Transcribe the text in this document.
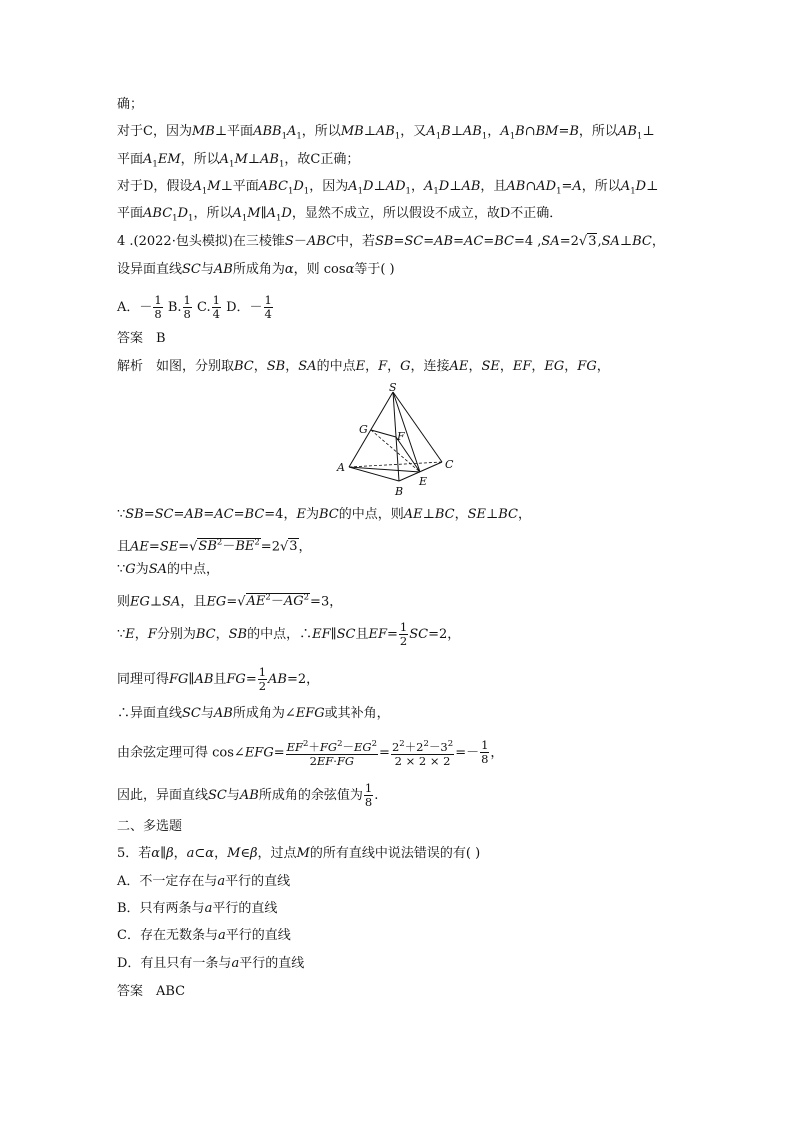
确；
对于C，因为MB⊥平面$ABB_1A_1$，所以$MB\perp AB_1$，又$A_1B\perp AB_1$，$A_1B\cap BM=B$，所以$AB_1\perp$
平面$A_1EM$，所以$A_1M\perp AB_1$，故C正确；
对于D，假设$A_1M\perp$平面$ABC_1D_1$，因为$A_1D\perp AD_1$，$A_1D\perp AB$，且$AB\cap AD_1=A$，所以$A_1D\perp$
平面$ABC_1D_1$，所以$A_1M\parallel A_1D$，显然不成立，所以假设不成立，故D不正确．
4 .(2022·包头模拟)在三棱锥S－ABC中，若SB=SC=AB=AC=BC=4 ,SA=2√3,SA⊥BC，
设异面直线SC与AB所成角为α，则 cosα等于( )
A．－ $\frac{1}{8} B$. $\frac{1}{8} C$. $\frac{1}{4}$ D．－ $\frac{1}{4}$
答案　B
解析　如图，分别取BC，SB，SA的中点E，F，G，连接AE，SE，EF，EG，FG，
S
G
F
A	C
B
E
∵SB=SC=AB=AC=BC=4，E为BC的中点，则AE⊥BC，SE⊥BC，
且$AE=SE=√SB^2-BE^2=2√3$，
∵G为SA的中点，
则EG⊥SA，且$EG=√AE^2-AG^2=3$，
∵E，F分别为BC，SB的中点，∴EF∥SC且$EF= \frac{1}{2} SC=2$，
同理可得FG∥AB且$FG= \frac{1}{2} AB=2$，
∴异面直线SC与AB所成角为∠EFG或其补角，
由余弦定理可得 cos∠EFG= $\frac{EF^2+FG^2-EG^2}{2EF\cdot FG} = \frac{2^2+2^2-3^2}{2 \times 2 \times 2} =- \frac{1}{8}$ ，
因此，异面直线SC与AB所成角的余弦值为 $\frac{1}{8}$ .
二、多选题
5．若α∥β，a⊂α，M∈β，过点M的所有直线中说法错误的有( )
A．不一定存在与a平行的直线
B．只有两条与a平行的直线
C．存在无数条与a平行的直线
D．有且只有一条与a平行的直线
答案　ABC
